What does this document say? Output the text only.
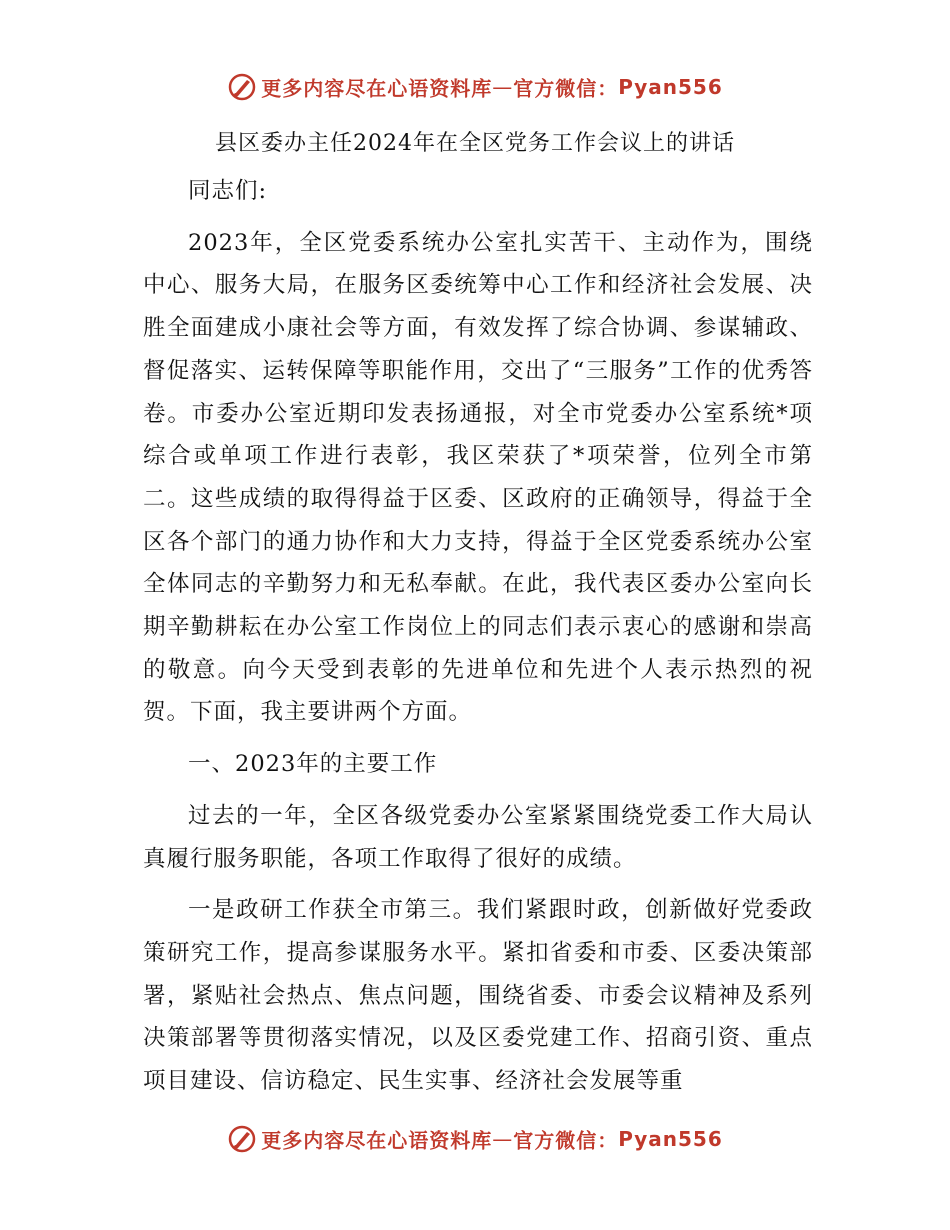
更多内容尽在心语资料库—官方微信：Pyan556
县区委办主任2024年在全区党务工作会议上的讲话

同志们:

2023年，全区党委系统办公室扎实苦干、主动作为，围绕中心、服务大局，在服务区委统筹中心工作和经济社会发展、决胜全面建成小康社会等方面，有效发挥了综合协调、参谋辅政、督促落实、运转保障等职能作用，交出了“三服务”工作的优秀答卷。市委办公室近期印发表扬通报，对全市党委办公室系统*项综合或单项工作进行表彰，我区荣获了*项荣誉，位列全市第二。这些成绩的取得得益于区委、区政府的正确领导，得益于全区各个部门的通力协作和大力支持，得益于全区党委系统办公室全体同志的辛勤努力和无私奉献。在此，我代表区委办公室向长期辛勤耕耘在办公室工作岗位上的同志们表示衷心的感谢和崇高的敬意。向今天受到表彰的先进单位和先进个人表示热烈的祝贺。下面，我主要讲两个方面。

一、2023年的主要工作

过去的一年，全区各级党委办公室紧紧围绕党委工作大局认真履行服务职能，各项工作取得了很好的成绩。

一是政研工作获全市第三。我们紧跟时政，创新做好党委政策研究工作，提高参谋服务水平。紧扣省委和市委、区委决策部署，紧贴社会热点、焦点问题，围绕省委、市委会议精神及系列决策部署等贯彻落实情况，以及区委党建工作、招商引资、重点项目建设、信访稳定、民生实事、经济社会发展等重

更多内容尽在心语资料库—官方微信：Pyan556
